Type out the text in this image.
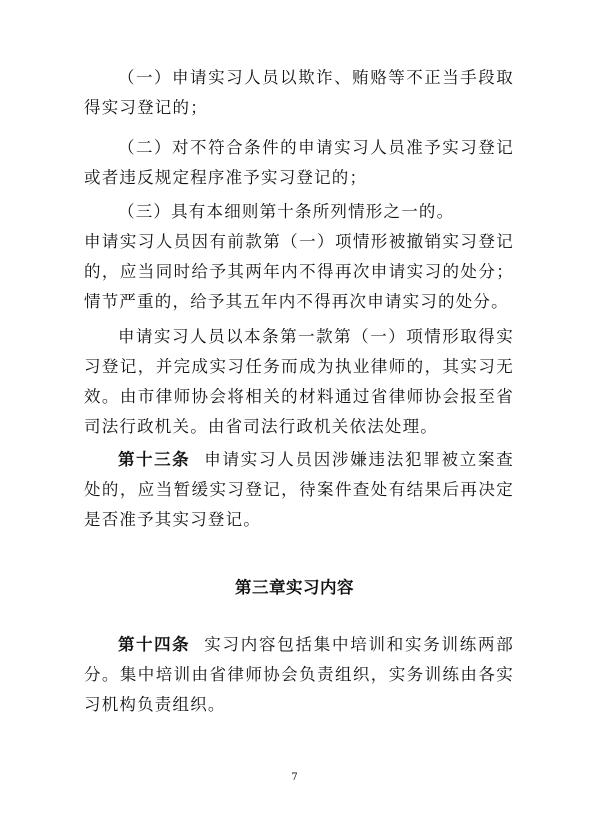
（一）申请实习人员以欺诈、贿赂等不正当手段取得实习登记的；

（二）对不符合条件的申请实习人员准予实习登记或者违反规定程序准予实习登记的；

（三）具有本细则第十条所列情形之一的。

申请实习人员因有前款第（一）项情形被撤销实习登记的，应当同时给予其两年内不得再次申请实习的处分；情节严重的，给予其五年内不得再次申请实习的处分。

申请实习人员以本条第一款第（一）项情形取得实习登记，并完成实习任务而成为执业律师的，其实习无效。由市律师协会将相关的材料通过省律师协会报至省司法行政机关。由省司法行政机关依法处理。

第十三条 申请实习人员因涉嫌违法犯罪被立案查处的，应当暂缓实习登记，待案件查处有结果后再决定是否准予其实习登记。

第三章实习内容

第十四条 实习内容包括集中培训和实务训练两部分。集中培训由省律师协会负责组织，实务训练由各实习机构负责组织。

7
